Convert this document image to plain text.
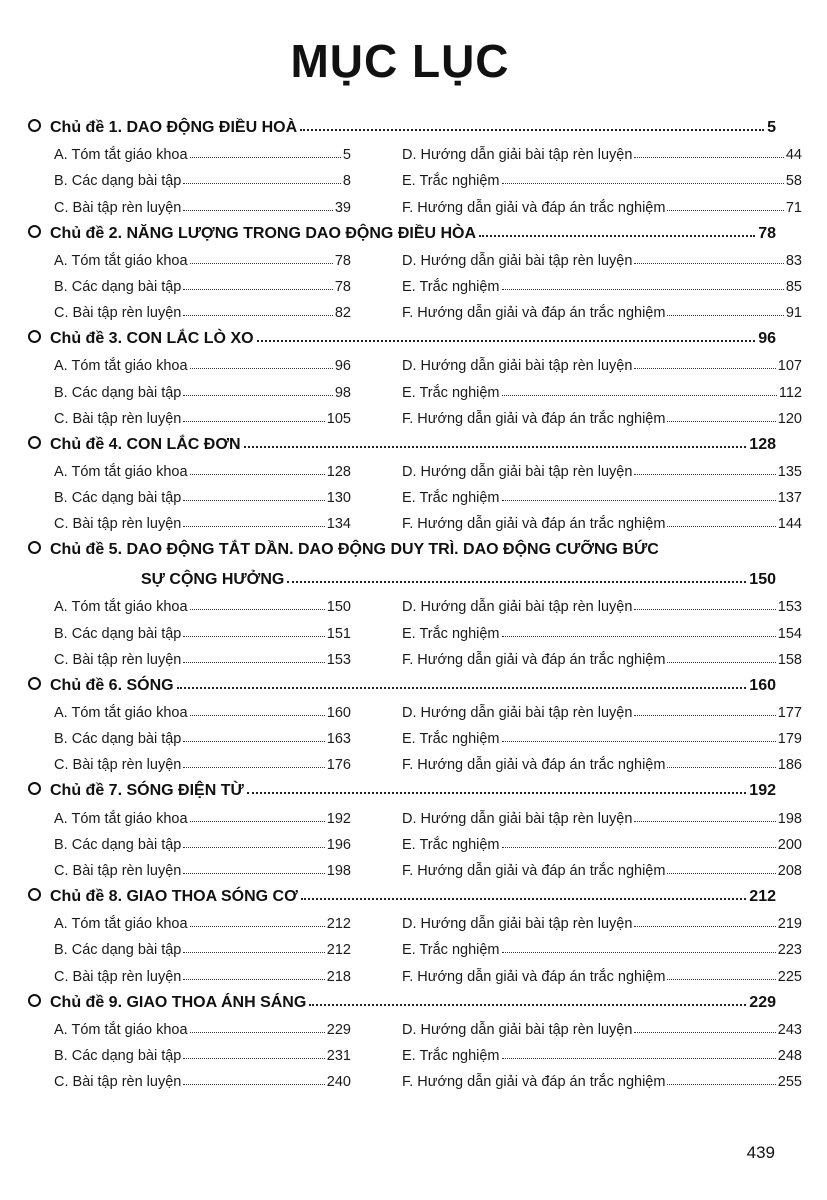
MỤC LỤC
Chủ đề 1. DAO ĐỘNG ĐIỀU HOÀ	5
A. Tóm tắt giáo khoa	5	D. Hướng dẫn giải bài tập rèn luyện	44
B. Các dạng bài tập	8	E. Trắc nghiệm	58
C. Bài tập rèn luyện	39	F. Hướng dẫn giải và đáp án trắc nghiệm	71
Chủ đề 2. NĂNG LƯỢNG TRONG DAO ĐỘNG ĐIỀU HÒA	78
A. Tóm tắt giáo khoa	78	D. Hướng dẫn giải bài tập rèn luyện	83
B. Các dạng bài tập	78	E. Trắc nghiệm	85
C. Bài tập rèn luyện	82	F. Hướng dẫn giải và đáp án trắc nghiệm	91
Chủ đề 3. CON LẮC LÒ XO	96
A. Tóm tắt giáo khoa	96	D. Hướng dẫn giải bài tập rèn luyện	107
B. Các dạng bài tập	98	E. Trắc nghiệm	112
C. Bài tập rèn luyện	105	F. Hướng dẫn giải và đáp án trắc nghiệm	120
Chủ đề 4. CON LẮC ĐƠN	128
A. Tóm tắt giáo khoa	128	D. Hướng dẫn giải bài tập rèn luyện	135
B. Các dạng bài tập	130	E. Trắc nghiệm	137
C. Bài tập rèn luyện	134	F. Hướng dẫn giải và đáp án trắc nghiệm	144
Chủ đề 5. DAO ĐỘNG TẮT DẦN. DAO ĐỘNG DUY TRÌ. DAO ĐỘNG CƯỠNG BỨC
SỰ CỘNG HƯỞNG	150
A. Tóm tắt giáo khoa	150	D. Hướng dẫn giải bài tập rèn luyện	153
B. Các dạng bài tập	151	E. Trắc nghiệm	154
C. Bài tập rèn luyện	153	F. Hướng dẫn giải và đáp án trắc nghiệm	158
Chủ đề 6. SÓNG	160
A. Tóm tắt giáo khoa	160	D. Hướng dẫn giải bài tập rèn luyện	177
B. Các dạng bài tập	163	E. Trắc nghiệm	179
C. Bài tập rèn luyện	176	F. Hướng dẫn giải và đáp án trắc nghiệm	186
Chủ đề 7. SÓNG ĐIỆN TỪ	192
A. Tóm tắt giáo khoa	192	D. Hướng dẫn giải bài tập rèn luyện	198
B. Các dạng bài tập	196	E. Trắc nghiệm	200
C. Bài tập rèn luyện	198	F. Hướng dẫn giải và đáp án trắc nghiệm	208
Chủ đề 8. GIAO THOA SÓNG CƠ	212
A. Tóm tắt giáo khoa	212	D. Hướng dẫn giải bài tập rèn luyện	219
B. Các dạng bài tập	212	E. Trắc nghiệm	223
C. Bài tập rèn luyện	218	F. Hướng dẫn giải và đáp án trắc nghiệm	225
Chủ đề 9. GIAO THOA ÁNH SÁNG	229
A. Tóm tắt giáo khoa	229	D. Hướng dẫn giải bài tập rèn luyện	243
B. Các dạng bài tập	231	E. Trắc nghiệm	248
C. Bài tập rèn luyện	240	F. Hướng dẫn giải và đáp án trắc nghiệm	255
439
